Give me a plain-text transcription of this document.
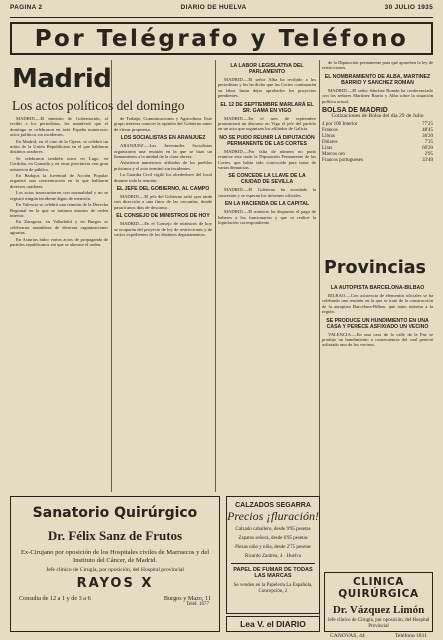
PAGINA 2	DIARIO DE HUELVA	30 JULIO 1935
Por Telégrafo y Teléfono
Madrid
Los actos políticos del domingo

MADRID.—El ministro de Gobernación, al recibir a los periodistas, les manifestó que el domingo se celebraron en toda España numerosos actos políticos sin incidentes.

En Madrid, en el cine de la Opera, se celebró un mitin de la Unión Republicana en el que hablaron distintos oradores.

Se celebraron también actos en Lugo, en Córdoba, en Granada y en otras provincias con gran asistencia de público.

En Badajoz la Juventud de Acción Popular organizó una concentración en la que hablaron diversos oradores.

Los actos transcurrieron con normalidad y no se registró ningún incidente digno de mención.

En Valencia se celebró una reunión de la Derecha Regional en la que se trataron asuntos de orden interior.

En Zaragoza, en Valladolid y en Burgos se celebraron asambleas de diversas organizaciones agrarias.

En Asturias hubo varios actos de propaganda de partidos republicanos sin que se alterase el orden.

de Trabajo, Comunicaciones y Agricultura. Este grupo interesa conocer la opinión del Gobierno antes de elevar propuesta.

LOS SOCIALISTAS EN ARANJUEZ

ARANJUEZ.—Las Juventudes Socialistas organizaron una reunión en la que se hizo un llamamiento a la unidad de la clase obrera.

Asistieron numerosos afiliados de los pueblos próximos y el acto terminó sin incidentes.

La Guardia Civil vigiló los alrededores del local durante toda la reunión.

EL JEFE DEL GOBIERNO, AL CAMPO

MADRID.—El jefe del Gobierno salió ayer tarde con dirección a una finca de las cercanías, donde pasará unos días de descanso.

EL CONSEJO DE MINISTROS DE HOY

MADRID.—En el Consejo de ministros de hoy se ocuparán del proyecto de ley de restricciones y de varios expedientes de los distintos departamentos.

LA LABOR LEGISLATIVA DEL PARLAMENTO

MADRID.—El señor Alba ha recibido a los periodistas y les ha dicho que las Cortes continuarán su labor hasta dejar aprobados los proyectos pendientes.

EL 12 DE SEPTIEMBRE MARLARÁ EL SR. GAMA EN VIGO

MADRID.—En el mes de septiembre pronunciará un discurso en Vigo el jefe del partido en un acto que organizan los afiliados de Galicia.

NO SE PUDO REUNIR LA DIPUTACIÓN PERMANENTE DE LAS CORTES

MADRID.—Por falta de número no pudo reunirse esta tarde la Diputación Permanente de las Cortes, que había sido convocada para tratar de varias denuncias.

SE CONCEDE LA LLAVE DE LA CIUDAD DE SEVILLA

MADRID.—El Gobierno ha acordado la concesión y se esperan los informes oficiales.

EN LA HACIENDA DE LA CAPITAL

MADRID.—El ministro ha dispuesto el pago de haberes a los funcionarios y que se realice la liquidación correspondiente.

de la Diputación permanente para qué aprueben la ley de restricciones.

EL NOMBRAMIENTO DE ALBA, MARTINEZ BARRIO Y SANCHEZ ROMAN

MADRID.—El señor Sánchez Román ha conferenciado con los señores Martínez Barrio y Alba sobre la situación política actual.

BOLSA DE MADRID
Cotizaciones de Bolsa del día 29 de Julio
4 por 100 Interior	77'25
Francos	48'45
Libras	36'20
Dólares	7'35
Liras	60'20
Marcos oro	2'95
Francos portugueses	33'40
Provincias
LA AUTOPISTA BARCELONA-BILBAO

BILBAO.—Con asistencia de elementos oficiales se ha celebrado una reunión en la que se trató de la construcción de la autopista Barcelona-Bilbao, que tanto interesa a la región.

SE PRODUCE UN HUNDIMIENTO EN UNA CASA Y PERECE ASFIXIADO UN VECINO

VALENCIA.—En una casa de la calle de la Paz se produjo un hundimiento a consecuencia del cual pereció asfixiado uno de los vecinos.

Sanatorio Quirúrgico
Dr. Félix Sanz de Frutos
Ex-Cirujano por oposición de los Hospitales civiles de Marruecos y del Instituto del Cáncer, de Madrid.
Jefe clínico de Cirugía, por oposición, del Hospital provincial
RAYOS X
Consulta de 12 a 1 y de 3 a 6	Burgos y Mazo, 11
Teléf. 1677
CALZADOS SEGARRA
Precios ¡fluración!
Calzado caballero, desde 9'95 pesetas
Zapatos señora, desde 6'95 pesetas
Piezas niño y niña, desde 2'75 pesetas
Ricardo Zantrea, 4 · Huelva
PAPEL DE FUMAR DE TODAS LAS MARCAS
Se venden en la Papelería La Española, Concepción, 2
Lea V. el DIARIO
CLINICA QUIRÚRGICA
Dr. Vázquez Limón
Jefe clínico de Cirugía, por oposición, del Hospital Provincial
CANOVAS, 44	Teléfono 1811
